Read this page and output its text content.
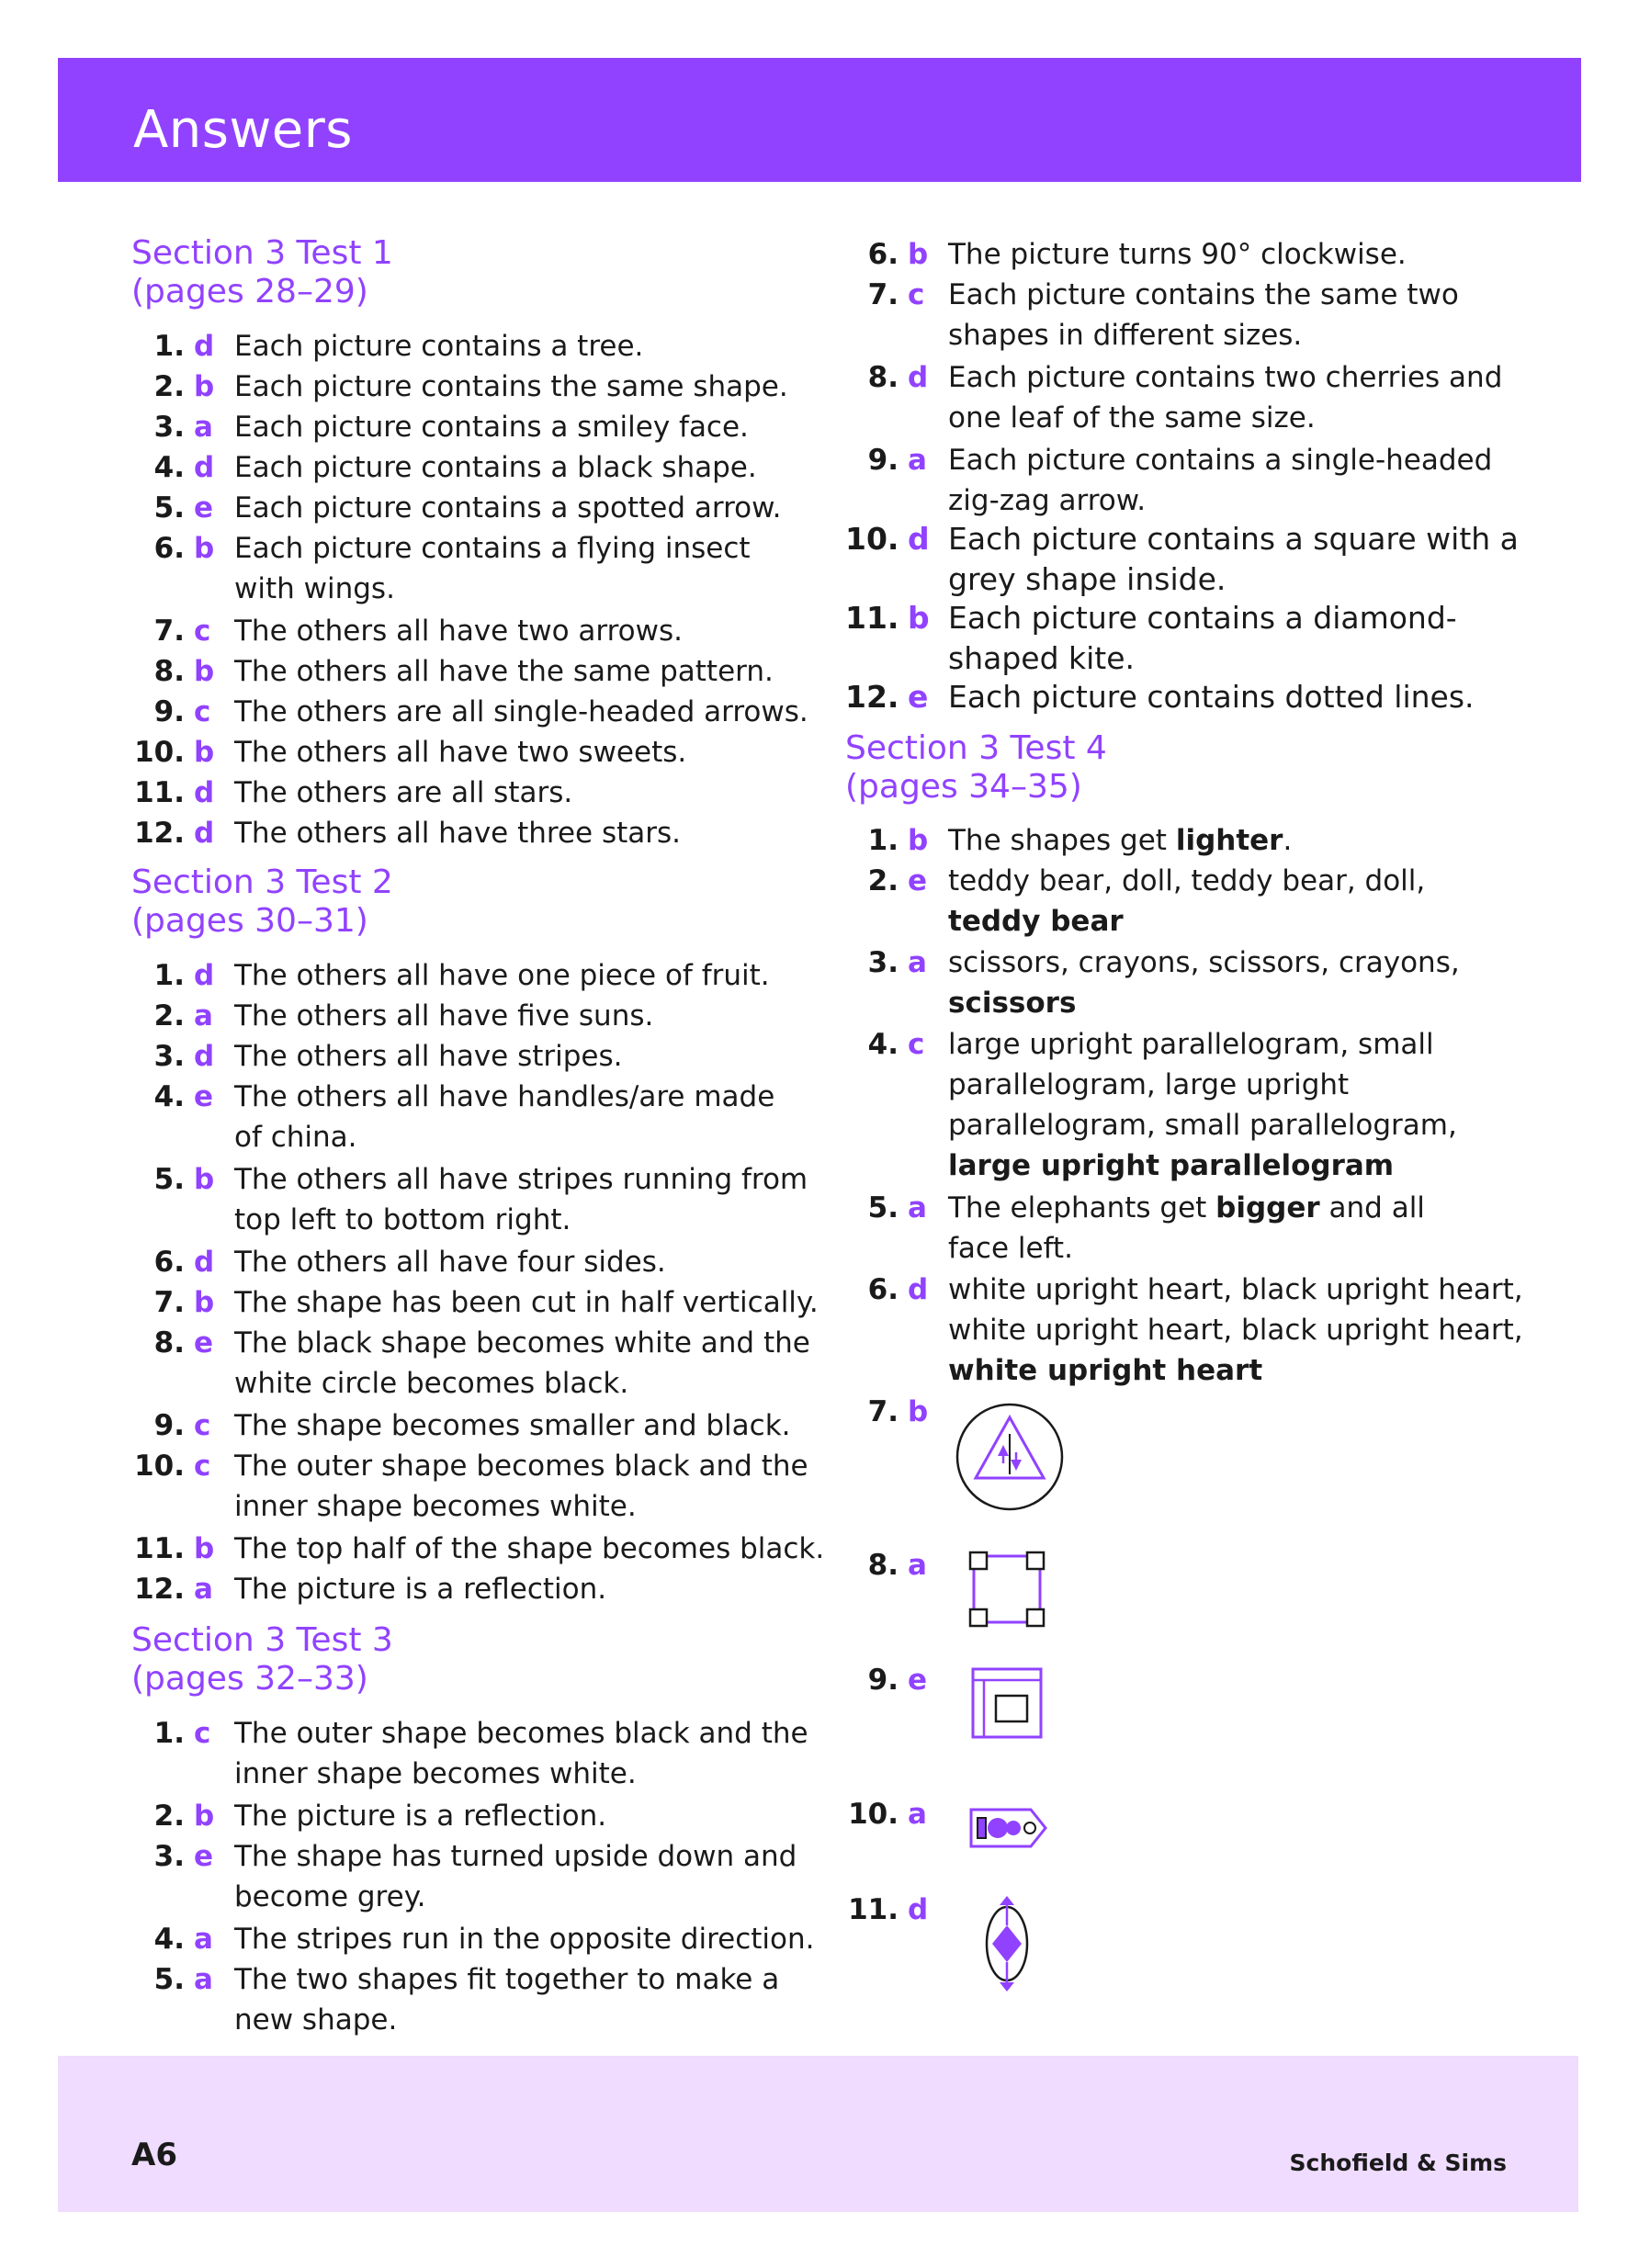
Answers
Section 3 Test 1
(pages 28–29)
1. d Each picture contains a tree.
2. b Each picture contains the same shape.
3. a Each picture contains a smiley face.
4. d Each picture contains a black shape.
5. e Each picture contains a spotted arrow.
6. b Each picture contains a flying insect
with wings.
7. c The others all have two arrows.
8. b The others all have the same pattern.
9. c The others are all single-headed arrows.
10. b The others all have two sweets.
11. d The others are all stars.
12. d The others all have three stars.
Section 3 Test 2
(pages 30–31)
1. d The others all have one piece of fruit.
2. a The others all have five suns.
3. d The others all have stripes.
4. e The others all have handles/are made
of china.
5. b The others all have stripes running from
top left to bottom right.
6. d The others all have four sides.
7. b The shape has been cut in half vertically.
8. e The black shape becomes white and the
white circle becomes black.
9. c The shape becomes smaller and black.
10. c The outer shape becomes black and the
inner shape becomes white.
11. b The top half of the shape becomes black.
12. a The picture is a reflection.
Section 3 Test 3
(pages 32–33)
1. c The outer shape becomes black and the
inner shape becomes white.
2. b The picture is a reflection.
3. e The shape has turned upside down and
become grey.
4. a The stripes run in the opposite direction.
5. a The two shapes fit together to make a
new shape.
6. b The picture turns 90° clockwise.
7. c Each picture contains the same two
shapes in different sizes.
8. d Each picture contains two cherries and
one leaf of the same size.
9. a Each picture contains a single-headed
zig-zag arrow.
10. d Each picture contains a square with a
grey shape inside.
11. b Each picture contains a diamond-
shaped kite.
12. e Each picture contains dotted lines.
Section 3 Test 4
(pages 34–35)
1. b The shapes get lighter.
2. e teddy bear, doll, teddy bear, doll,
teddy bear
3. a scissors, crayons, scissors, crayons,
scissors
4. c large upright parallelogram, small
parallelogram, large upright
parallelogram, small parallelogram,
large upright parallelogram
5. a The elephants get bigger and all
face left.
6. d white upright heart, black upright heart,
white upright heart, black upright heart,
white upright heart
7. b
8. a
9. e
10. a
11. d
A6	Schofield & Sims
